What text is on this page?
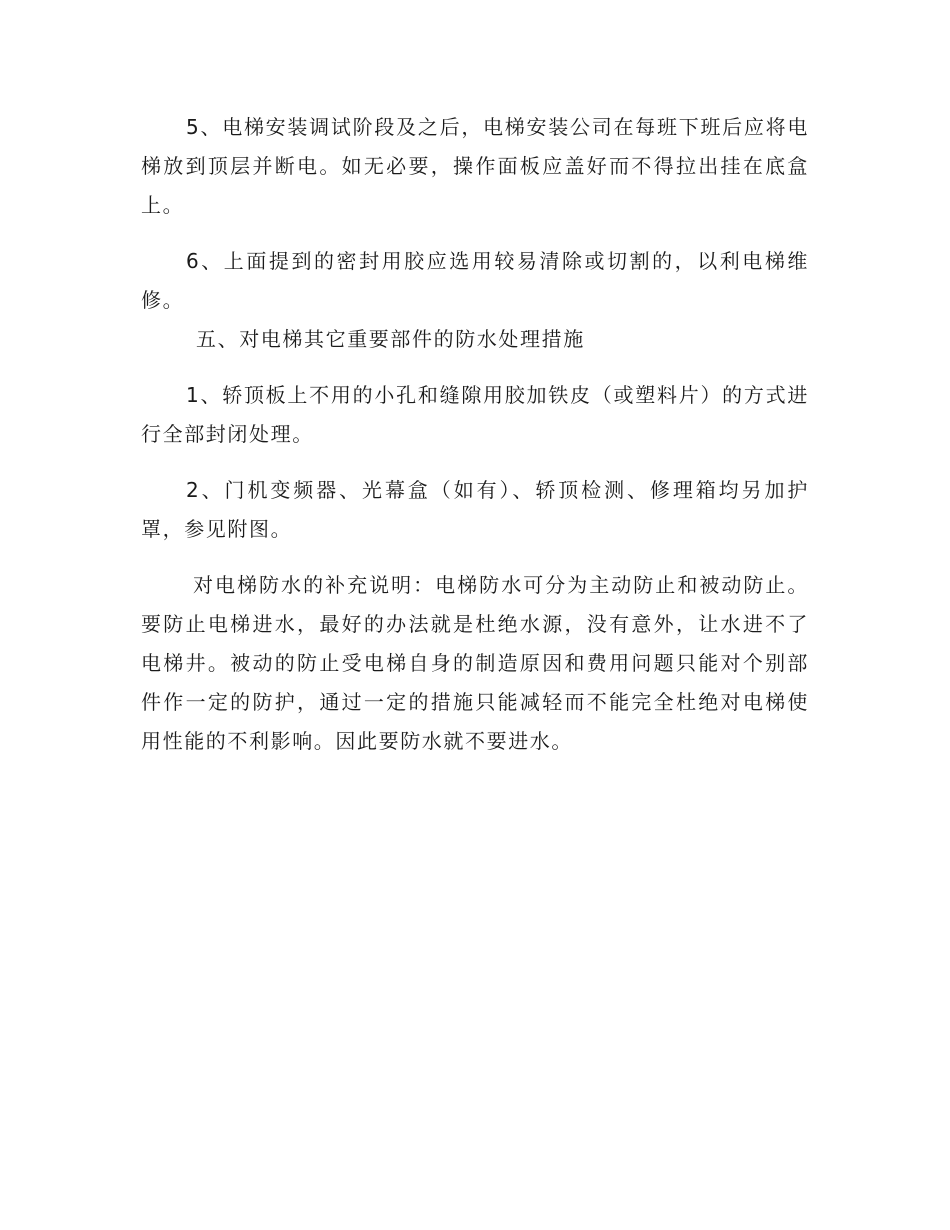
5、电梯安装调试阶段及之后，电梯安装公司在每班下班后应将电梯放到顶层并断电。如无必要，操作面板应盖好而不得拉出挂在底盒上。

6、上面提到的密封用胶应选用较易清除或切割的，以利电梯维修。

五、对电梯其它重要部件的防水处理措施

1、轿顶板上不用的小孔和缝隙用胶加铁皮（或塑料片）的方式进行全部封闭处理。

2、门机变频器、光幕盒（如有）、轿顶检测、修理箱均另加护罩，参见附图。

对电梯防水的补充说明：电梯防水可分为主动防止和被动防止。要防止电梯进水，最好的办法就是杜绝水源，没有意外，让水进不了电梯井。被动的防止受电梯自身的制造原因和费用问题只能对个别部件作一定的防护，通过一定的措施只能减轻而不能完全杜绝对电梯使用性能的不利影响。因此要防水就不要进水。
